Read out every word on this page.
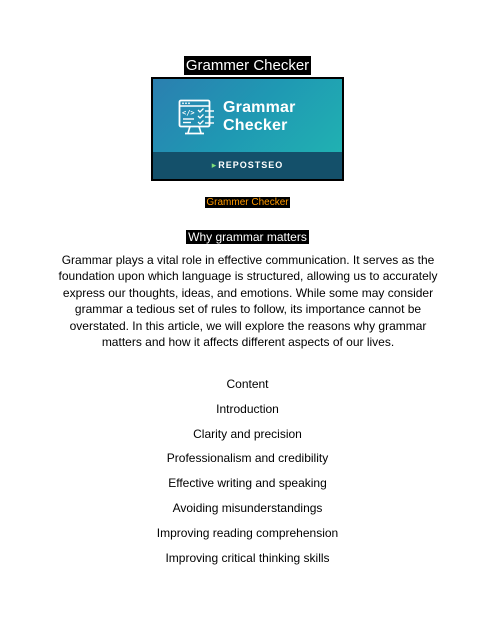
Grammer Checker
</> Grammar
Checker
▸REPOSTSEO
Grammer Checker
Why grammar matters

Grammar plays a vital role in effective communication. It serves as the foundation upon which language is structured, allowing us to accurately express our thoughts, ideas, and emotions. While some may consider grammar a tedious set of rules to follow, its importance cannot be overstated. In this article, we will explore the reasons why grammar matters and how it affects different aspects of our lives.

Content
Introduction
Clarity and precision
Professionalism and credibility
Effective writing and speaking
Avoiding misunderstandings
Improving reading comprehension
Improving critical thinking skills
